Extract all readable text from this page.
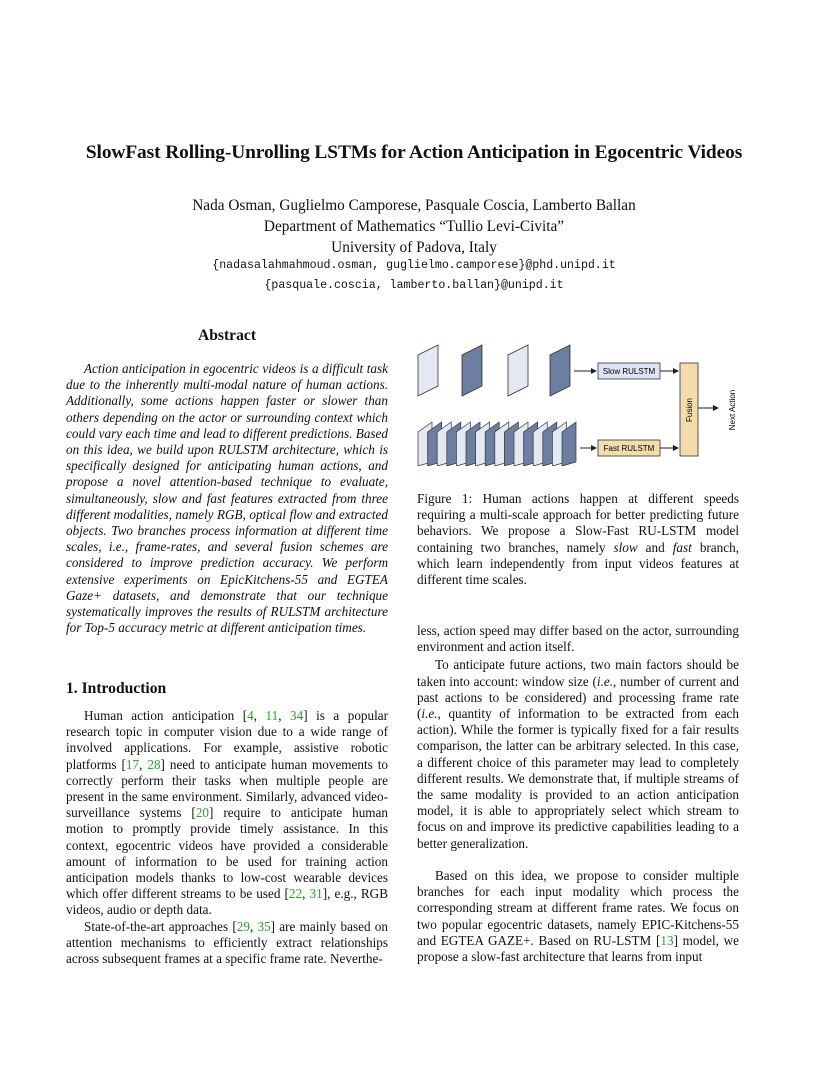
SlowFast Rolling-Unrolling LSTMs for Action Anticipation in Egocentric Videos
Nada Osman, Guglielmo Camporese, Pasquale Coscia, Lamberto Ballan
Department of Mathematics “Tullio Levi-Civita”
University of Padova, Italy
{nadasalahmahmoud.osman, guglielmo.camporese}@phd.unipd.it
{pasquale.coscia, lamberto.ballan}@unipd.it
Abstract

Action anticipation in egocentric videos is a difficult task due to the inherently multi-modal nature of human actions. Additionally, some actions happen faster or slower than others depending on the actor or surrounding context which could vary each time and lead to different predictions. Based on this idea, we build upon RULSTM architecture, which is specifically designed for anticipating human actions, and propose a novel attention-based technique to evaluate, simultaneously, slow and fast features extracted from three different modalities, namely RGB, optical flow and extracted objects. Two branches process information at different time scales, i.e., frame-rates, and several fusion schemes are considered to improve prediction accuracy. We perform extensive experiments on EpicKitchens-55 and EGTEA Gaze+ datasets, and demonstrate that our technique systematically improves the results of RULSTM architecture for Top-5 accuracy metric at different anticipation times.

1. Introduction

Human action anticipation [4, 11, 34] is a popular research topic in computer vision due to a wide range of involved applications. For example, assistive robotic platforms [17, 28] need to anticipate human movements to correctly perform their tasks when multiple people are present in the same environment. Similarly, advanced video-surveillance systems [20] require to anticipate human motion to promptly provide timely assistance. In this context, egocentric videos have provided a considerable amount of information to be used for training action anticipation models thanks to low-cost wearable devices which offer different streams to be used [22, 31], e.g., RGB videos, audio or depth data.

State-of-the-art approaches [29, 35] are mainly based on attention mechanisms to efficiently extract relationships across subsequent frames at a specific frame rate. Neverthe-

Slow RULSTM
Fast RULSTM
Fusion	Next Action

Figure 1: Human actions happen at different speeds requiring a multi-scale approach for better predicting future behaviors. We propose a Slow-Fast RU-LSTM model containing two branches, namely slow and fast branch, which learn independently from input videos features at different time scales.

less, action speed may differ based on the actor, surrounding environment and action itself.

To anticipate future actions, two main factors should be taken into account: window size (i.e., number of current and past actions to be considered) and processing frame rate (i.e., quantity of information to be extracted from each action). While the former is typically fixed for a fair results comparison, the latter can be arbitrary selected. In this case, a different choice of this parameter may lead to completely different results. We demonstrate that, if multiple streams of the same modality is provided to an action anticipation model, it is able to appropriately select which stream to focus on and improve its predictive capabilities leading to a better generalization.

Based on this idea, we propose to consider multiple branches for each input modality which process the corresponding stream at different frame rates. We focus on two popular egocentric datasets, namely EPIC-Kitchens-55 and EGTEA GAZE+. Based on RU-LSTM [13] model, we propose a slow-fast architecture that learns from input
